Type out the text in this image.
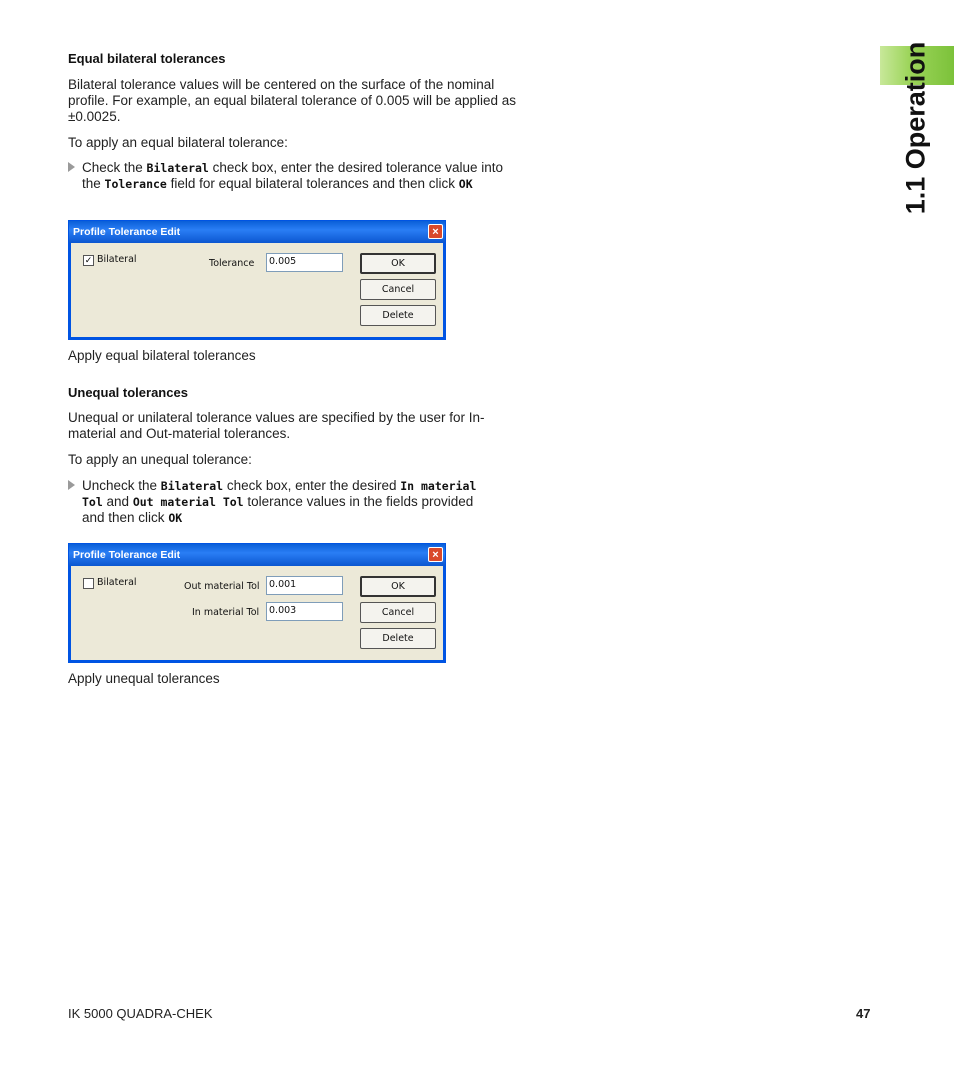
1.1 Operation
Equal bilateral tolerances
Bilateral tolerance values will be centered on the surface of the nominal profile. For example, an equal bilateral tolerance of 0.005 will be applied as ±0.0025.
To apply an equal bilateral tolerance:
Check the Bilateral check box, enter the desired tolerance value into the Tolerance field for equal bilateral tolerances and then click OK
Profile Tolerance Edit	×
✓ Bilateral	Tolerance	0.005	OK
Cancel
Delete
Apply equal bilateral tolerances
Unequal tolerances
Unequal or unilateral tolerance values are specified by the user for In-material and Out-material tolerances.
To apply an unequal tolerance:
Uncheck the Bilateral check box, enter the desired In material Tol and Out material Tol tolerance values in the fields provided and then click OK
Profile Tolerance Edit	×
Bilateral	Out material Tol 0.001
In material Tol	0.003
OK
Cancel
Delete
Apply unequal tolerances
IK 5000 QUADRA-CHEK	47
